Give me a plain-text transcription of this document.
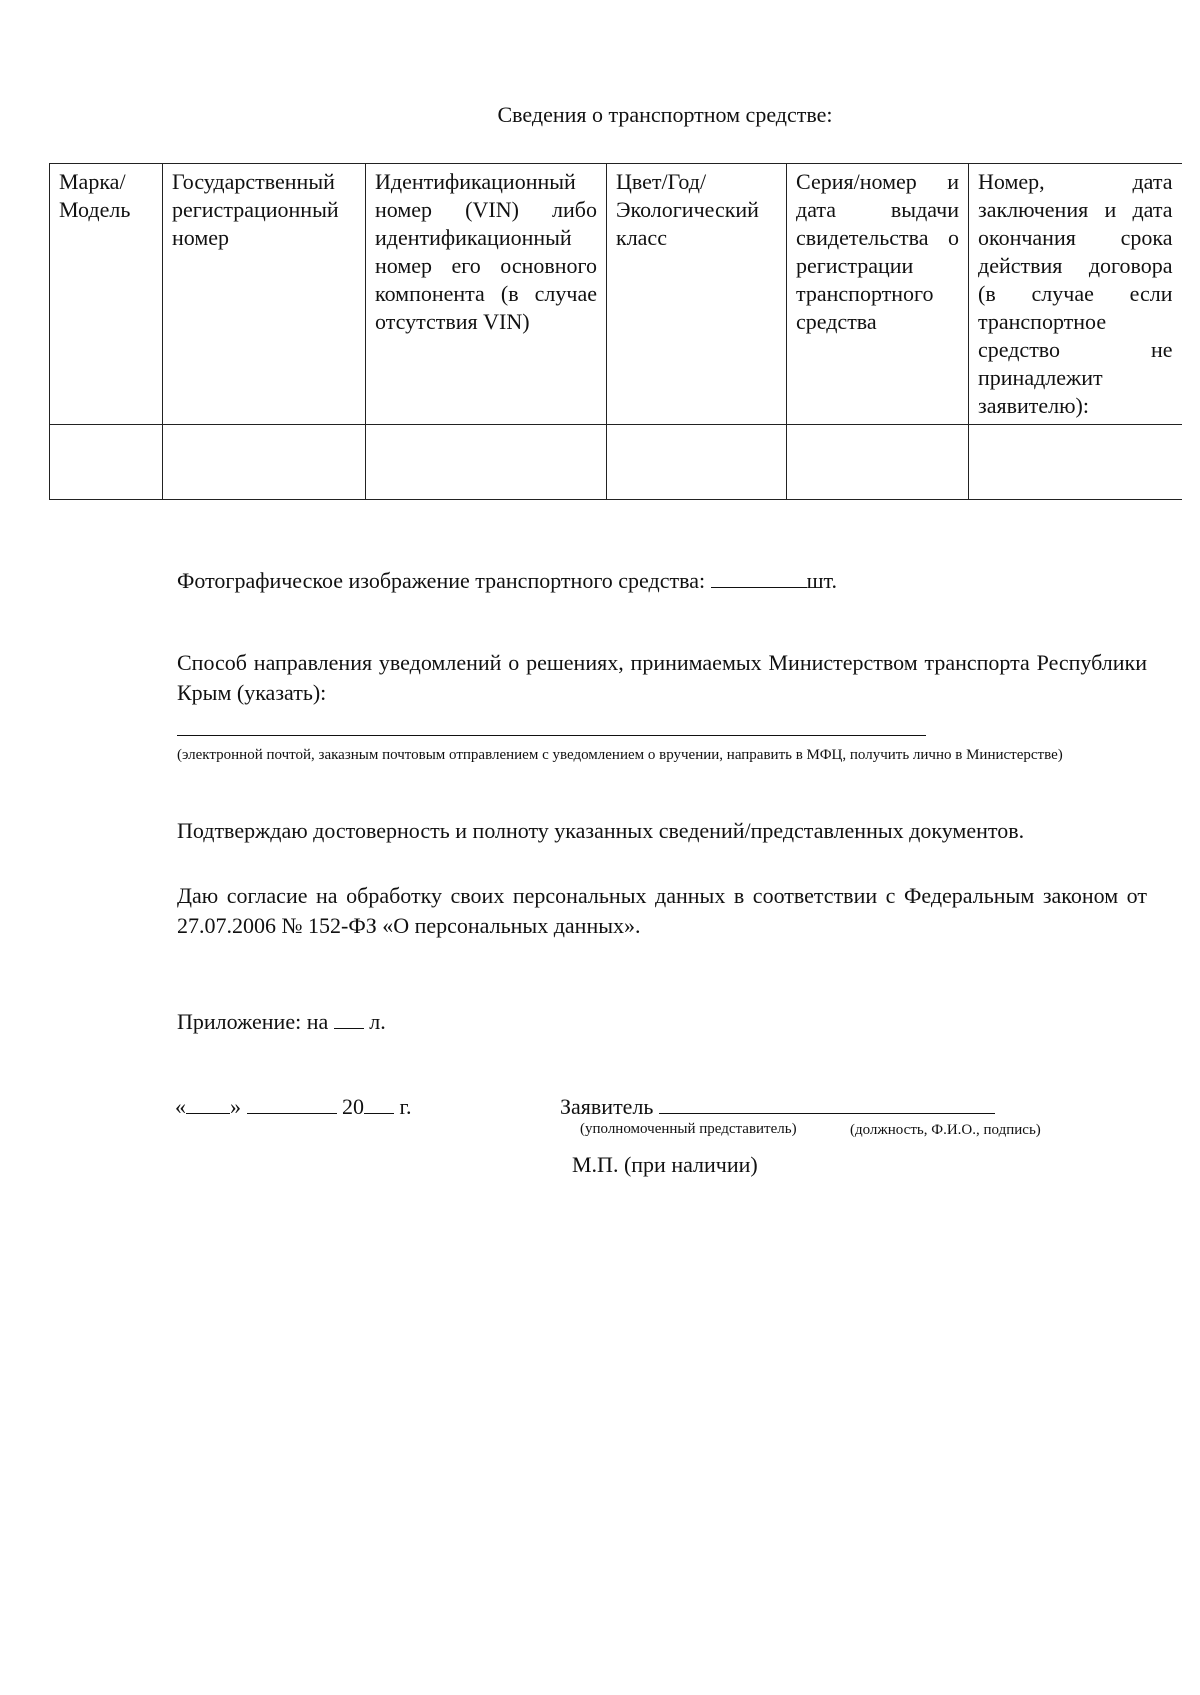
Сведения о транспортном средстве:
Марка/ Модель	Государственный регистрационный номер	Идентификационный номер (VIN) либо идентификационный номер его основного компонента (в случае отсутствия VIN)	Цвет/Год/ Экологический класс	Серия/номер и дата выдачи свидетельства о регистрации транспортного средства	Номер, дата заключения и дата окончания срока действия договора (в случае если транспортное средство не принадлежит заявителю):

Фотографическое изображение транспортного средства:	шт.
Способ направления уведомлений о решениях, принимаемых Министерством транспорта Республики Крым (указать):
(электронной почтой, заказным почтовым отправлением с уведомлением о вручении, направить в МФЦ, получить лично в Министерстве)
Подтверждаю достоверность и полноту указанных сведений/представленных документов.
Даю согласие на обработку своих персональных данных в соответствии с Федеральным законом от 27.07.2006 № 152-ФЗ «О персональных данных».
Приложение: на л.
« »	20 г.	Заявитель
(уполномоченный представитель)	(должность, Ф.И.О., подпись)
М.П. (при наличии)
